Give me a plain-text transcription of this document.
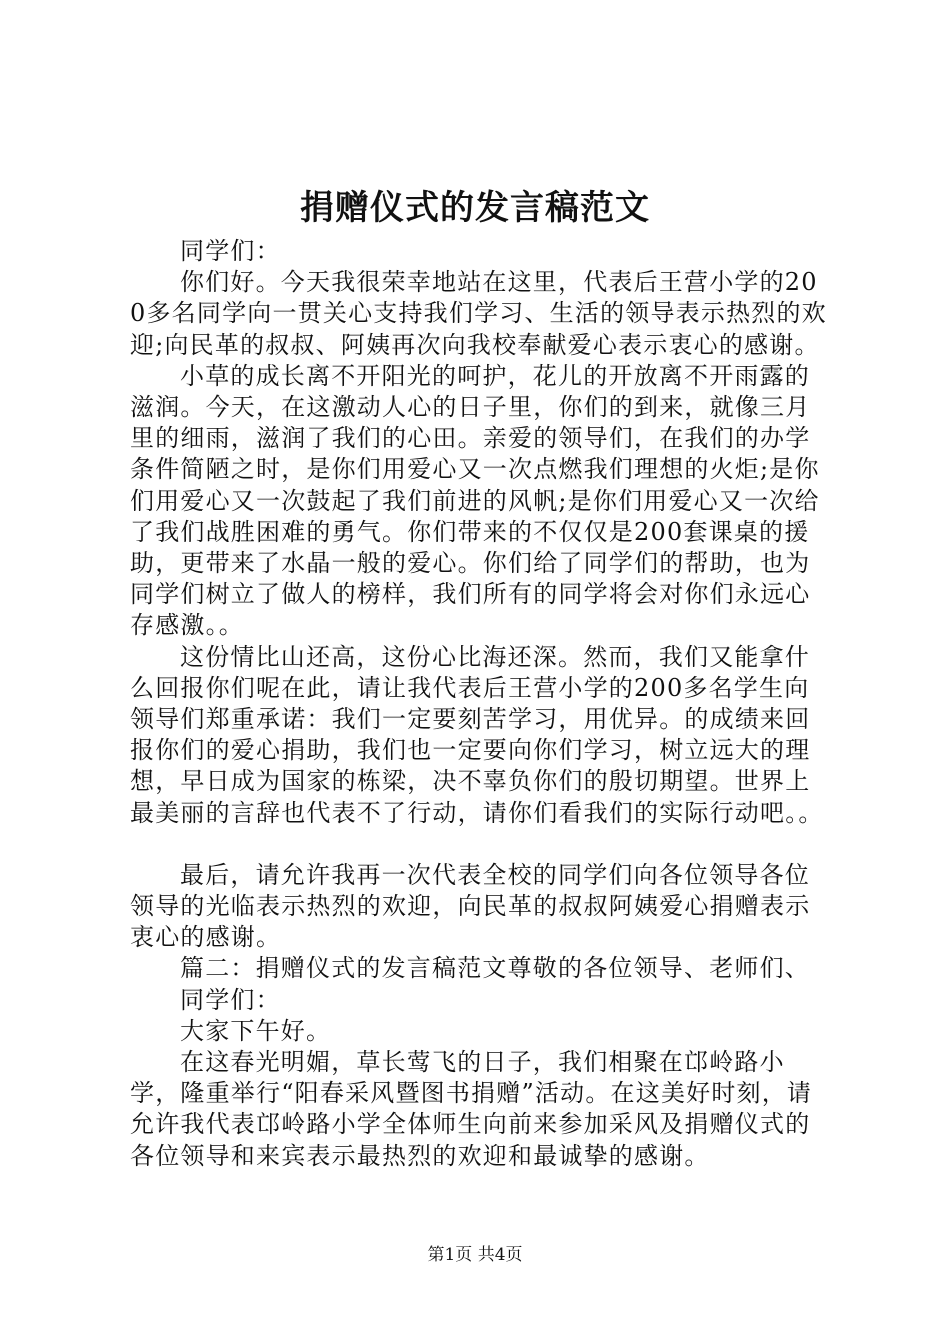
捐赠仪式的发言稿范文

同学们：

你们好。今天我很荣幸地站在这里，代表后王营小学的200多名同学向一贯关心支持我们学习、生活的领导表示热烈的欢迎;向民革的叔叔、阿姨再次向我校奉献爱心表示衷心的感谢。

小草的成长离不开阳光的呵护，花儿的开放离不开雨露的滋润。今天，在这激动人心的日子里，你们的到来，就像三月里的细雨，滋润了我们的心田。亲爱的领导们，在我们的办学条件简陋之时，是你们用爱心又一次点燃我们理想的火炬;是你们用爱心又一次鼓起了我们前进的风帆;是你们用爱心又一次给了我们战胜困难的勇气。你们带来的不仅仅是200套课桌的援助，更带来了水晶一般的爱心。你们给了同学们的帮助，也为同学们树立了做人的榜样，我们所有的同学将会对你们永远心存感激。。

这份情比山还高，这份心比海还深。然而，我们又能拿什么回报你们呢在此，请让我代表后王营小学的200多名学生向领导们郑重承诺：我们一定要刻苦学习，用优异。的成绩来回报你们的爱心捐助，我们也一定要向你们学习，树立远大的理想，早日成为国家的栋梁，决不辜负你们的殷切期望。世界上最美丽的言辞也代表不了行动，请你们看我们的实际行动吧。。

最后，请允许我再一次代表全校的同学们向各位领导各位领导的光临表示热烈的欢迎，向民革的叔叔阿姨爱心捐赠表示衷心的感谢。

篇二：捐赠仪式的发言稿范文尊敬的各位领导、老师们、

同学们：

大家下午好。

在这春光明媚，草长莺飞的日子，我们相聚在邙岭路小学，隆重举行“阳春采风暨图书捐赠”活动。在这美好时刻，请允许我代表邙岭路小学全体师生向前来参加采风及捐赠仪式的各位领导和来宾表示最热烈的欢迎和最诚挚的感谢。

第1页 共4页
